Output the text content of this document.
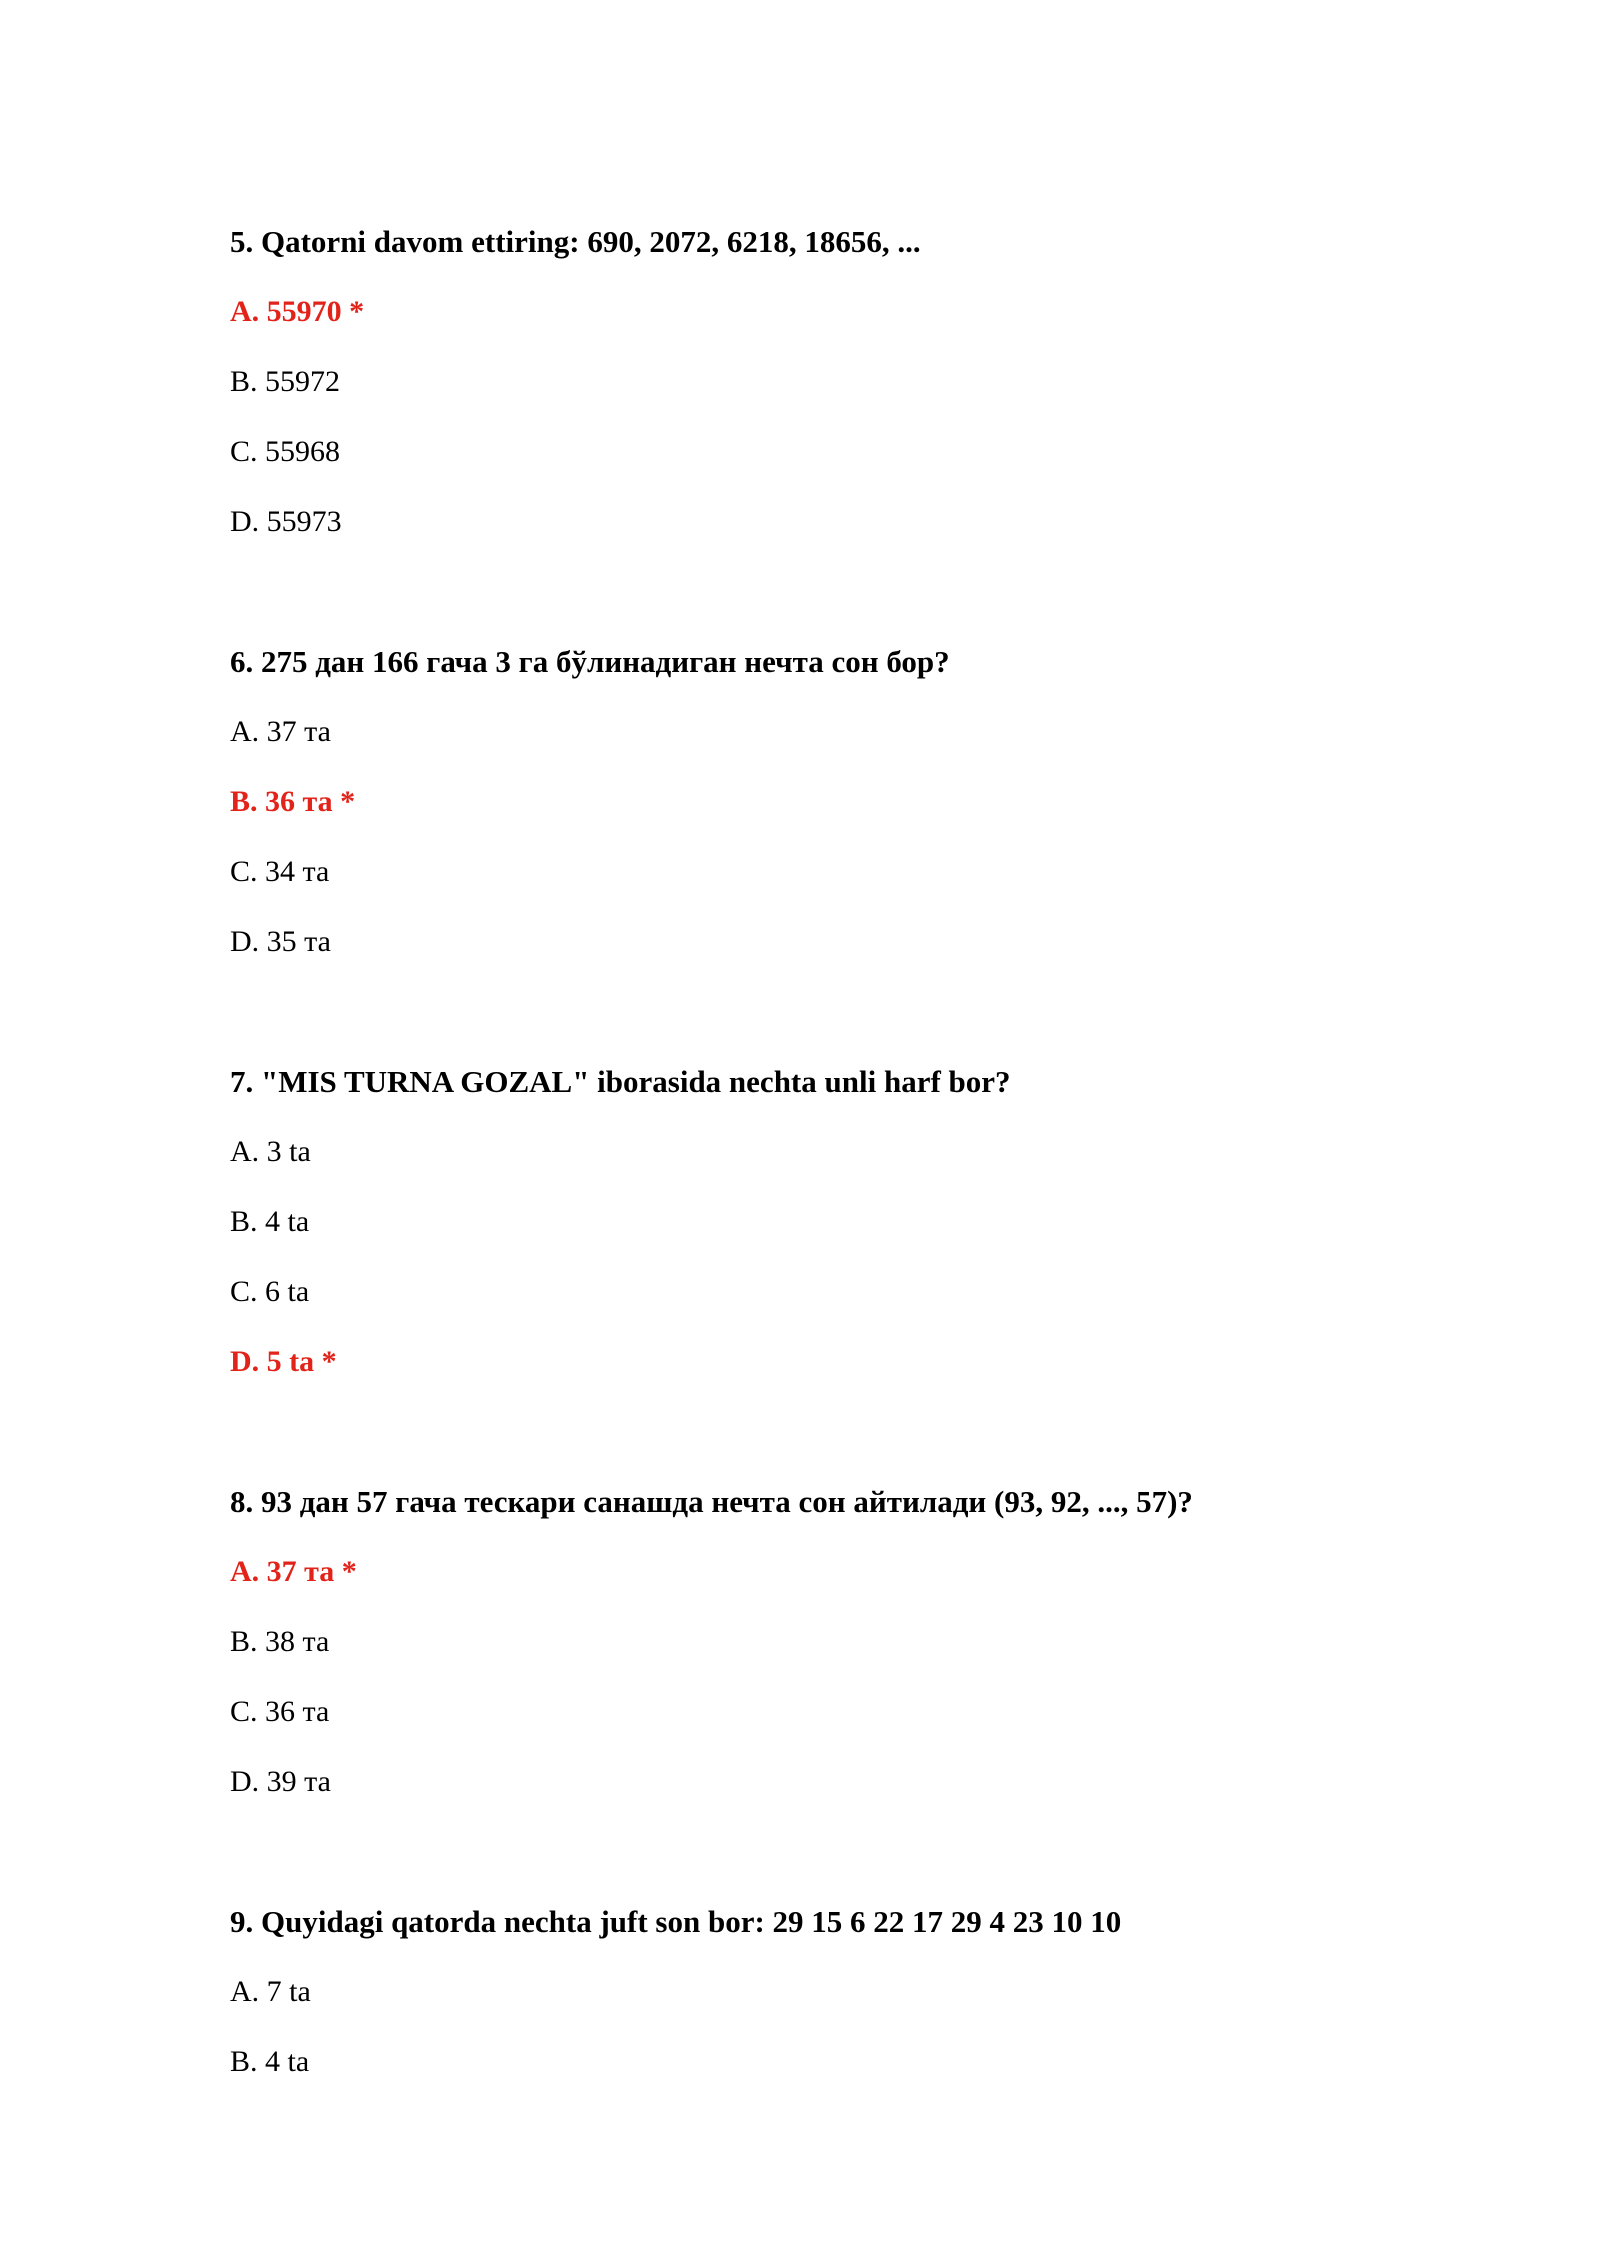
5. Qatorni davom ettiring: 690, 2072, 6218, 18656, ...
A. 55970 *
B. 55972
C. 55968
D. 55973
6. 275 дан 166 гача 3 га бўлинадиган нечта сон бор?
A. 37 та
B. 36 та *
C. 34 та
D. 35 та
7. "MIS TURNA GOZAL" iborasida nechta unli harf bor?
A. 3 ta
B. 4 ta
C. 6 ta
D. 5 ta *
8. 93 дан 57 гача тескари санашда нечта сон айтилади (93, 92, ..., 57)?
A. 37 та *
B. 38 та
C. 36 та
D. 39 та
9. Quyidagi qatorda nechta juft son bor: 29 15 6 22 17 29 4 23 10 10
A. 7 ta
B. 4 ta
